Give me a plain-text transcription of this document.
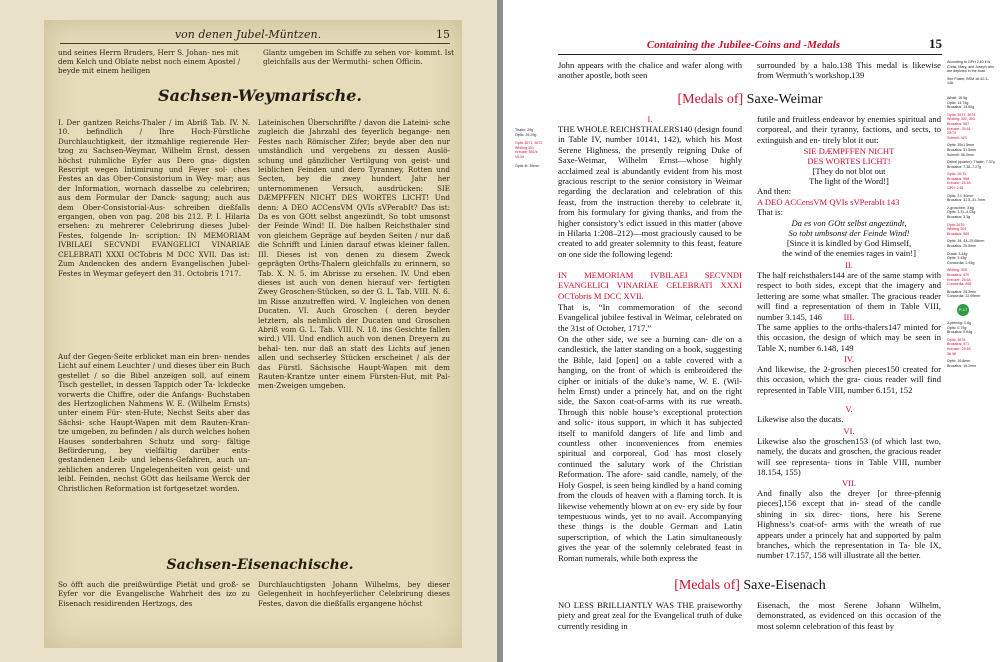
von denen Jubel-Müntzen.	15
und seines Herrn Bruders, Herr S. Johan- nes mit dem Kelch und Oblate nebst noch einem Apostel / beyde mit einem heiligen
Glantz umgeben im Schiffe zu sehen vor- kommt. Ist gleichfalls aus der Wermuthi- schen Officin.
Sachsen-Weymarische.
I. Der gantzen Reichs-Thaler / im Abriß Tab. IV. N. 10. befindlich / Ihre Hoch-Fürstliche Durchlauchtigkeit, der itzmahlige regierende Her- tzog zu Sachsen-Weymar, Wilhelm Ernst, dessen höchst ruhmliche Eyfer aus Dero gna- digsten Rescript wegen Intimirung und Feyer sol- ches Festes an das Ober-Consistorium in Wey- mar; aus der Information, wornach dasselbe zu celebriren; aus dem Formular der Danck- sagung; auch aus dem Ober-Consistorial-Aus- schreiben dießfalls ergangen, oben von pag. 208 bis 212. P. I. Hilaria ersehen: zu mehrerer Celebrirung dieses Jubel-Festes, folgende In- scription: IN MEMORIAM IVBILAEI SECVNDI EVANGELICI VINARIAE CELEBRATI XXXI OCTobris M DCC XVII. Das ist: Zum Andencken des andern Evangelischen Jubel-Festes in Weymar gefeyert den 31. Octobris 1717.
Auf der Gegen-Seite erblicket man ein bren- nendes Licht auf einem Leuchter / und dieses über ein Buch gestellet / so die Bibel anzeigen soll, auf einem Tisch gestellet, in dessen Tappich oder Ta- lckdecke vorwerts die Chiffre, oder die Anfangs- Buchstaben des Hertzoglichen Nahmens W. E. (Wilhelm Ernsts) unter einem Für- sten-Hute; Nechst Seits aber das Sächsi- sche Haupt-Wapen mit dem Rauten-Kran- tze umgeben, zu befinden / als durch welches hohen Hauses sonderbahren Schutz und sorg- fältige Beförderung, bey vielfältig darüber ents- gestandenen Leib- und lebens-Gefahren, auch un- zehlichen anderen Ungelegenheiten von geist- und leibl. Feinden, nechst GOtt das heilsame Werck der Christlichen Reformation ist fortgesetzet worden.
Lateinischen Überschriffte / davon die Lateini- sche zugleich die Jahrzahl des feyerlich begange- nen Festes nach Römischer Zifer; beyde aber den nur umständlich und vergebens zu dessen Auslö- schung und gänzlicher Vertilgung von geist- und leiblichen Feinden und dero Tyranney, Rotten und Secten, bey die zwey hundert Jahr her unternommenen Versuch, ausdrücken: SIE DÆMPFFEN NICHT DES WORTES LICHT! Und denn: A DEO ACCensVM QVIs sVPerabIt? Das ist: Da es von GOtt selbst angezündt, So tobt umsonst der Feinde Wind! II. Die halben Reichsthaler sind von gleichem Gepräge auf beyden Seiten / nur daß die Schrifft und Linien darauf etwas kleiner fallen. III. Dieses ist von denen zu diesem Zweck geprägten Orths-Thalern gleichfalls zu erinnern, so Tab. X. N. 5. im Abrisse zu ersehen. IV. Und eben dieses ist auch von denen hierauf ver- fertigten Zwey Groschen-Stücken, so der G. L. Tab. VIII. N. 6. im Risse anzutreffen wird. V. Ingleichen von denen Ducaten. VI. Auch Groschen ( deren beyder letztern, als nehmlich der Ducaten und Groschen Abriß vom G. L. Tab. VIII. N. 18. ins Gesichte fallen wird.) VII. Und endlich auch von denen Dreyern zu behal- ten. nur daß an statt des Lichts auf jenen allen und sechserley Stücken erscheinet / als der das Fürstl. Sächsische Haupt-Wapen mit dem Rauten-Krantze unter einem Fürsten-Hut, mit Pal- men-Zweigen umgeben.
Sachsen-Eisenachische.
So öfft auch die preißwürdige Pietät und groß- se Eyfer vor die Evangelische Wahrheit des izo zu Eisenach residirenden Hertzogs, des
Durchlauchtigsten Johann Wilhelms, bey dieser Gelegenheit in hochfeyerlicher Celebrirung dieses Festes, davon die dießfalls ergangene höchst
Containing the Jubilee-Coins and -Medals	15
John appears with the chalice and wafer along with another apostle, both seen
surrounded by a halo.138 This medal is likewise from Wermuth’s workshop.139
[Medals of] Saxe-Weimar
I.
THE WHOLE REICHSTHALERS140 (design found in Table IV, number 10141, 142), which his Most Serene Highness, the presently reigning Duke of Saxe-Weimar, Wilhelm Ernst—whose highly acclaimed zeal is abundantly evident from his most gracious rescript to the senior consistory in Weimar regarding the declaration and celebration of this feast, from the instruction thereby to celebrate it, from his formulary for giving thanks, and from the higher consistory’s edict issued in this matter (above in Hilaria 1:208–212)—most graciously caused to be created to add greater solemnity to this feast, feature on one side the following legend:
IN MEMORIAM IVBILAEI SECVNDI EVANGELICI VINARIAE CELEBRATI XXXI OCTobris M DCC XVII.
That is, “In commemoration of the second Evangelical jubilee festival in Weimar, celebrated on the 31st of October, 1717.”
On the other side, we see a burning can- dle on a candlestick, the latter standing on a book, suggesting the Bible, laid [open] on a table covered with a hanging, on the front of which is embroidered the cipher or initials of the duke’s name, W. E. (Wil- helm Ernst) under a princely hat, and on the right side, the Saxon coat-of-arms with its rue wreath. Through this noble house’s exceptional protection and solic- itous support, in which it has subjected itself to manifold dangers of life and limb and countless other inconveniences from enemies spiritual and corporeal, God has most closely continued the salutary work of the Christian Reformation. The afore- said candle, namely, of the Holy Gospel, is seen being kindled by a hand coming from the clouds of heaven with a flaming torch. It is likewise vehemently blown at on ev- ery side by four tempestuous winds, yet to no avail. Accompanying these things is the double German and Latin superscription, of which the Latin simultaneously gives the year of the solemnly celebrated feast in Roman numerals, while both express the
futile and fruitless endeavor by enemies spiritual and corporeal, and their tyranny, factions, and sects, to extinguish and en- tirely blot it out:
SIE DÆMPFFEN NICHT
DES WORTES LICHT!
[They do not blot out
The light of the Word!]
And then:
A DEO ACCensVM QVIs sVPerabIt 143
That is:
Da es von GOtt selbst angezündt,
So tobt umbsonst der Feinde Wind!
[Since it is kindled by God Himself,
the wind of the enemies rages in vain!]
II.
The half reichsthalers144 are of the same stamp with respect to both sides, except that the imagery and lettering are some what smaller. The gracious reader will find a representation of them in Table VIII, number 3.145, 146	III.
The same applies to the orths-thalers147 minted for this occasion, the design of which may be seen in Table X, number 6.148, 149
IV.
And likewise, the 2-groschen pieces150 created for this occasion, which the gra- cious reader will find represented in Table VIII, number 6.151, 152
V.
Likewise also the ducats.
VI.
Likewise also the groschen153 (of which last two, namely, the ducats and groschen, the gracious reader will see representa- tions in Table VIII, number 18.154, 155)
VII.
And finally also the dreyer [or three-pfennig pieces],156 except that in- stead of the candle shining in six direc- tions, here his Serene Highness’s coat-of- arms with the wreath of rue appears under a princely hat and supported by palm branches, which the representation in Ta- ble IX, number 17.157, 158 will illustrate all the better.
[Medals of] Saxe-Eisenach
NO LESS BRILLIANTLY WAS THE praiseworthy piety and great zeal for the Evangelical truth of duke currently residing in
Eisenach, the most Serene Johann Wilhelm, demonstrated, as evidenced on this occasion of the most solemn celebration of this feast by
Thaler: 29g
Optic: 29.29g
Optic 3671, 3672
Whiting 301
Kreuzer 551/z
15:34
Optic 4t: 39mm
According to GPH 2:63 it is Christ, Mary, and Joseph who are depicted in the boat.
See Foster, BSM 16:42:3–146.
Whalt: 16.5g
Optic: 14.74g
Brozatus: 14.60g
Optic: 2671, 3674
Whiting: 302, 303
Brozatus: 967
Kreuzer: 25.61
25:74
Schnell: 423
Optic: 35x1.5mm
Brozatus: 31.5mm
Schnell: 36.3mm
Orthal (quarter): Thaler: 7.37g
Brozatus: 7.38–7.27g
Optic: 26 75
Brozatus: 968
Kreuzer: 25.63
GPH: 2:61
Optic: 3 t: 40mm
Brozatus: 31.5–31.7mm
2-groschen: 3.6g
Optic: 3.31–4.03g
Brozatus: 3.3g
Optic 2676
Whiting 304
Brozatus: 969
Optic: 34: 44–25.68mm
Brozatus: 25.5mm
Ducat: 3.44g
Optic: 3.45g
Concordia: 2.93g
Whiting: 305
Brozatus: 970
Kreuzer: 25.64
Concordia: 895
Brozatus: 25.3mm
Concordia: 22.99mm
P-17
3-pfennig: 0.8g
Optic: 0.79g
Brozatus: 0.94g
Optic: 3678
Brozatus: 971
Kreuzer: 25.65
38.98
Optic: 16.8mm
Brozatus: 16.2mm
